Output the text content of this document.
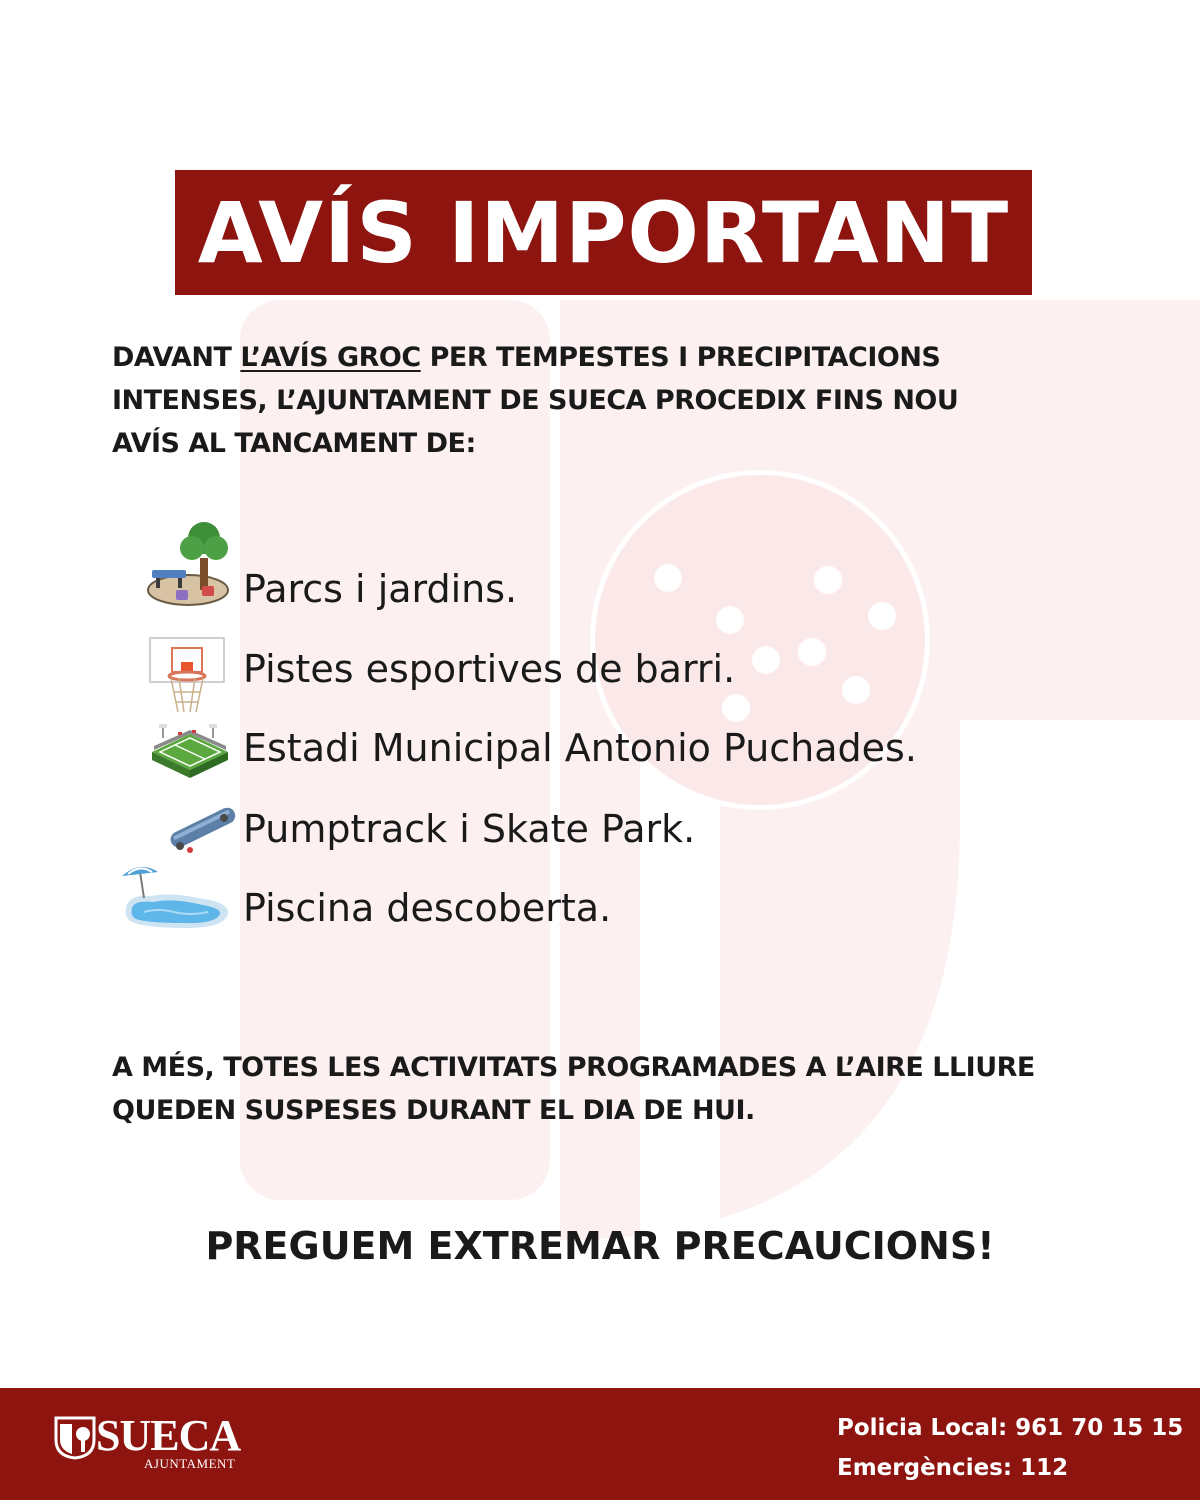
AVÍS IMPORTANT
DAVANT L’AVÍS GROC PER TEMPESTES I PRECIPITACIONS
INTENSES, L’AJUNTAMENT DE SUECA PROCEDIX FINS NOU
AVÍS AL TANCAMENT DE:
Parcs i jardins.
Pistes esportives de barri.
Estadi Municipal Antonio Puchades.
Pumptrack i Skate Park.
Piscina descoberta.
A MÉS, TOTES LES ACTIVITATS PROGRAMADES A L’AIRE LLIURE
QUEDEN SUSPESES DURANT EL DIA DE HUI.
PREGUEM EXTREMAR PRECAUCIONS!
SUECA
AJUNTAMENT
Policia Local: 961 70 15 15
Emergències: 112
